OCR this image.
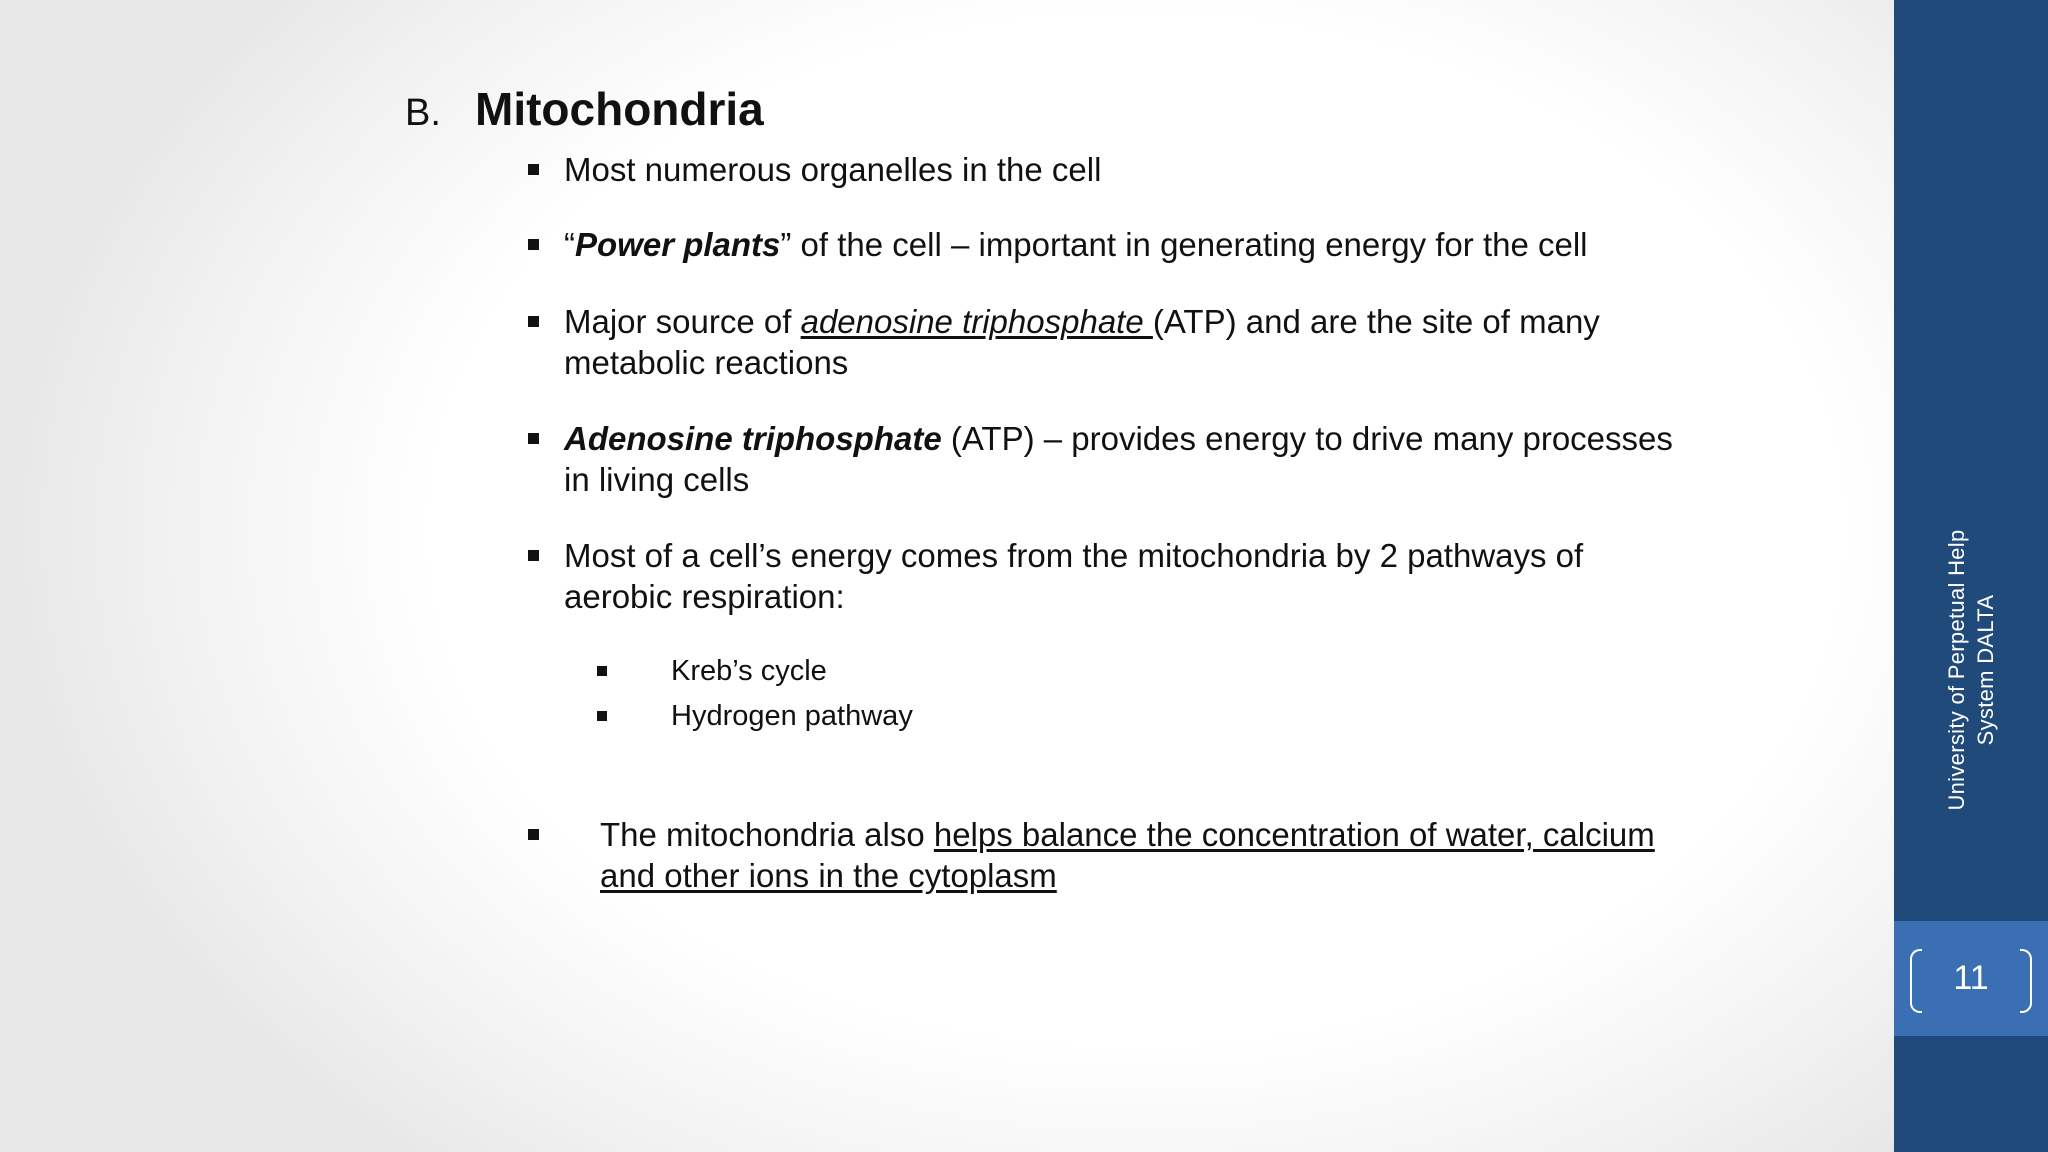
B. Mitochondria
Most numerous organelles in the cell
“Power plants” of the cell – important in generating energy for the cell
Major source of adenosine triphosphate (ATP) and are the site of many metabolic reactions
Adenosine triphosphate (ATP) – provides energy to drive many processes in living cells
Most of a cell’s energy comes from the mitochondria by 2 pathways of aerobic respiration:
Kreb’s cycle
Hydrogen pathway
The mitochondria also helps balance the concentration of water, calcium and other ions in the cytoplasm
University of Perpetual Help System DALTA
11
